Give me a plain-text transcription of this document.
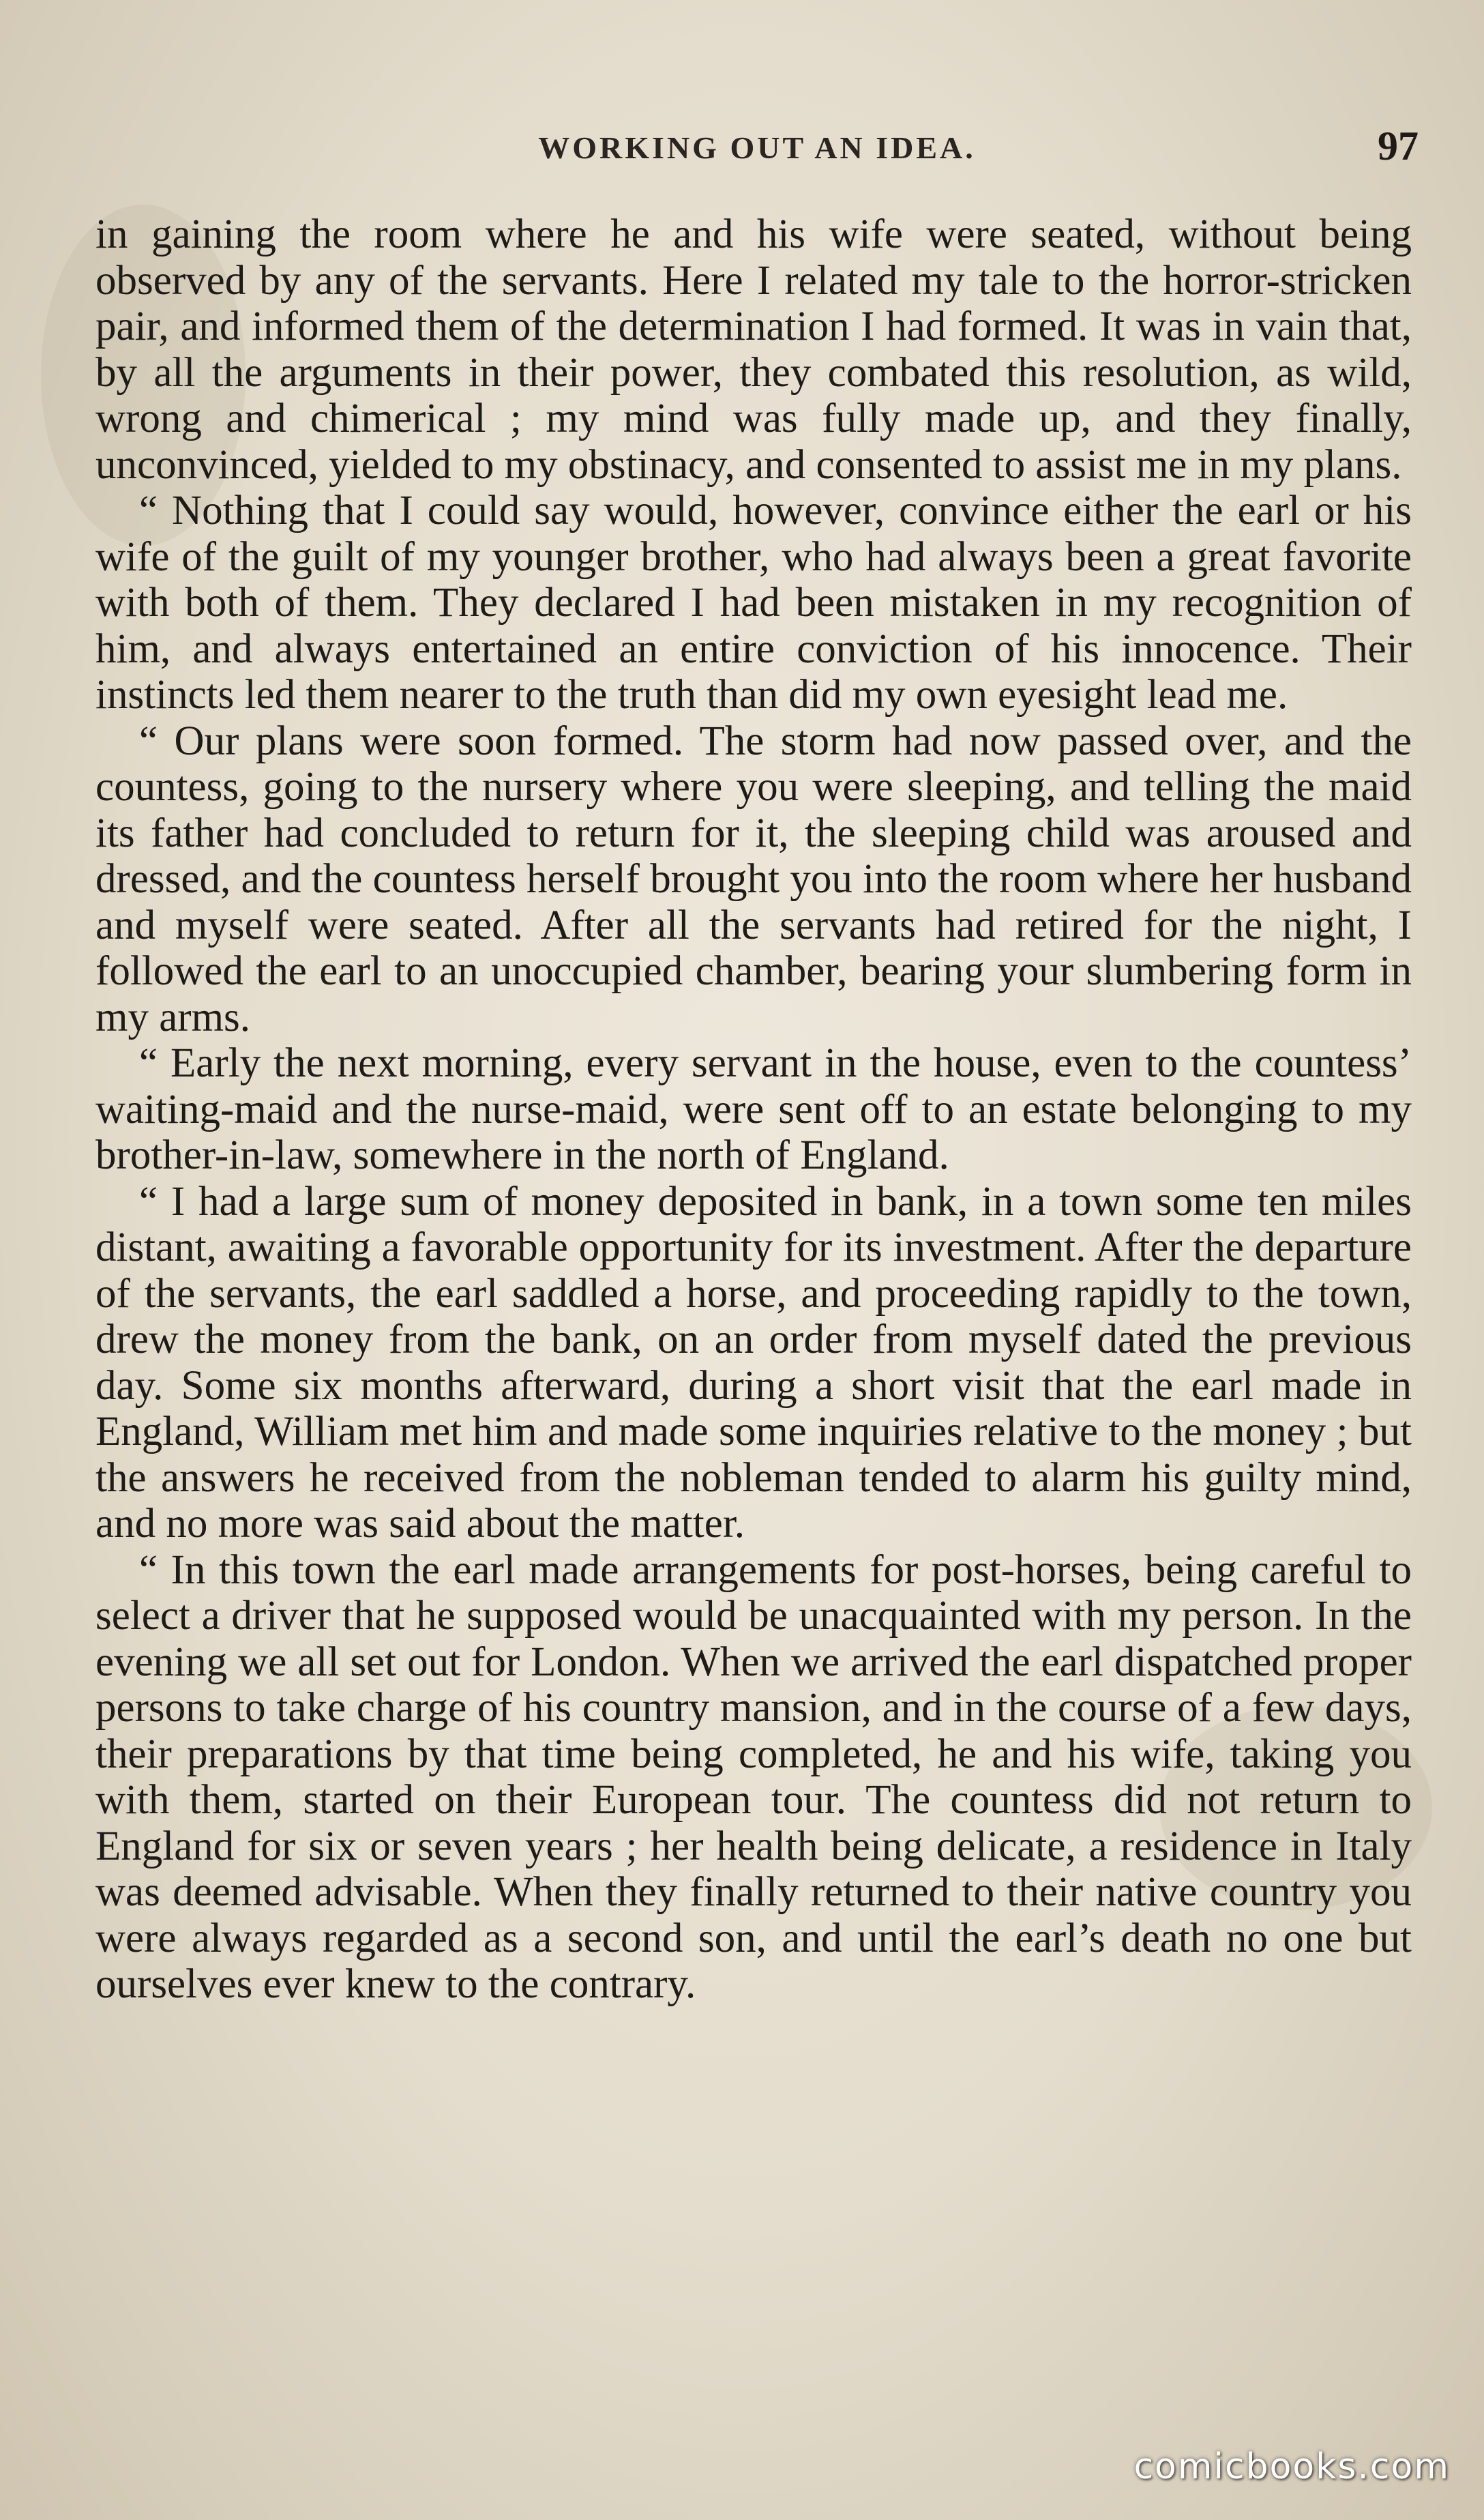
WORKING OUT AN IDEA.	97

in gaining the room where he and his wife were seated, without being observed by any of the servants. Here I related my tale to the horror-stricken pair, and informed them of the determination I had formed. It was in vain that, by all the arguments in their power, they combated this resolution, as wild, wrong and chimerical ; my mind was fully made up, and they finally, unconvinced, yielded to my obstinacy, and consented to assist me in my plans.

“ Nothing that I could say would, however, convince either the earl or his wife of the guilt of my younger brother, who had always been a great favorite with both of them. They declared I had been mistaken in my recognition of him, and always entertained an entire conviction of his innocence. Their instincts led them nearer to the truth than did my own eyesight lead me.

“ Our plans were soon formed. The storm had now passed over, and the countess, going to the nursery where you were sleeping, and telling the maid its father had concluded to return for it, the sleeping child was aroused and dressed, and the countess herself brought you into the room where her husband and myself were seated. After all the servants had retired for the night, I followed the earl to an unoccupied chamber, bearing your slumbering form in my arms.

“ Early the next morning, every servant in the house, even to the countess’ waiting-maid and the nurse-maid, were sent off to an estate belonging to my brother-in-law, somewhere in the north of England.

“ I had a large sum of money deposited in bank, in a town some ten miles distant, awaiting a favorable opportunity for its investment. After the departure of the servants, the earl saddled a horse, and proceeding rapidly to the town, drew the money from the bank, on an order from myself dated the previous day. Some six months afterward, during a short visit that the earl made in England, William met him and made some inquiries relative to the money ; but the answers he received from the nobleman tended to alarm his guilty mind, and no more was said about the matter.

“ In this town the earl made arrangements for post-horses, being careful to select a driver that he supposed would be unacquainted with my person. In the evening we all set out for London. When we arrived the earl dispatched proper persons to take charge of his country mansion, and in the course of a few days, their preparations by that time being completed, he and his wife, taking you with them, started on their European tour. The countess did not return to England for six or seven years ; her health being delicate, a residence in Italy was deemed advisable. When they finally returned to their native country you were always regarded as a second son, and until the earl’s death no one but ourselves ever knew to the contrary.

comicbooks.com
